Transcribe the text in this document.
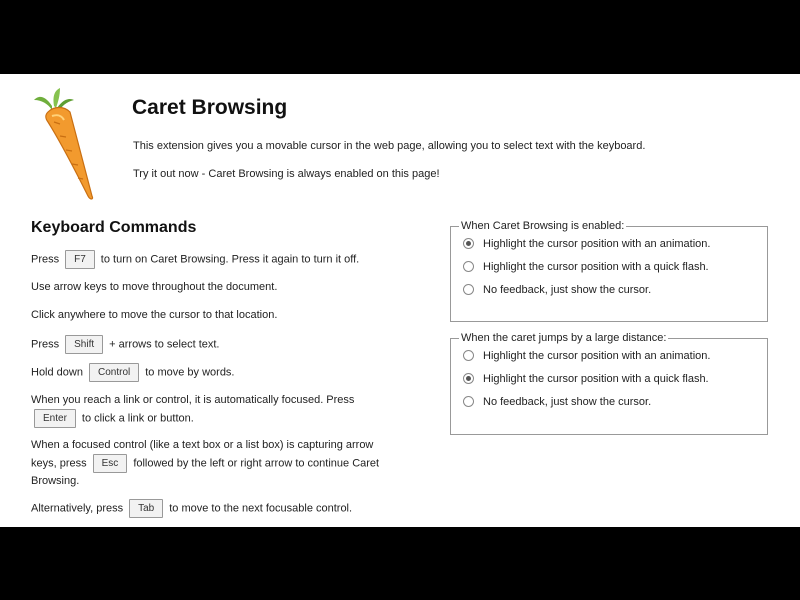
Caret Browsing

This extension gives you a movable cursor in the web page, allowing you to select text with the keyboard.

Try it out now - Caret Browsing is always enabled on this page!

Keyboard Commands

Press F7 to turn on Caret Browsing. Press it again to turn it off.

Use arrow keys to move throughout the document.

Click anywhere to move the cursor to that location.

Press Shift + arrows to select text.

Hold down Control to move by words.

When you reach a link or control, it is automatically focused. Press
Enter to click a link or button.

When a focused control (like a text box or a list box) is capturing arrow
keys, press Esc followed by the left or right arrow to continue Caret
Browsing.

Alternatively, press Tab to move to the next focusable control.

When Caret Browsing is enabled:
Highlight the cursor position with an animation.
Highlight the cursor position with a quick flash.
No feedback, just show the cursor.
When the caret jumps by a large distance:
Highlight the cursor position with an animation.
Highlight the cursor position with a quick flash.
No feedback, just show the cursor.
